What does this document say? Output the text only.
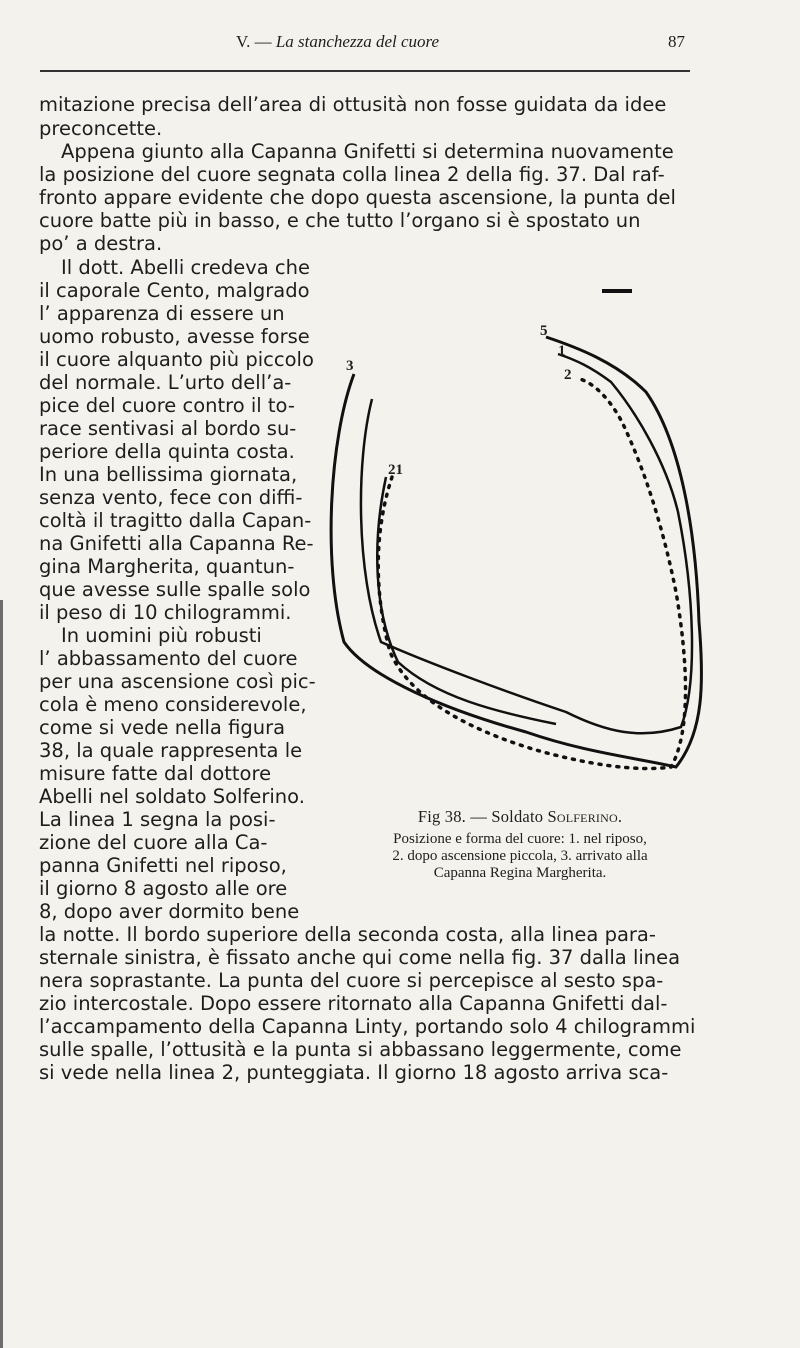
V. — La stanchezza del cuore	87
mitazione precisa dell’area di ottusità non fosse guidata da idee
preconcette.
Appena giunto alla Capanna Gnifetti si determina nuovamente
la posizione del cuore segnata colla linea 2 della fig. 37. Dal raf-
fronto appare evidente che dopo questa ascensione, la punta del
cuore batte più in basso, e che tutto l’organo si è spostato un
po’ a destra.
Il dott. Abelli credeva che
il caporale Cento, malgrado
l’ apparenza di essere un
uomo robusto, avesse forse
il cuore alquanto più piccolo
del normale. L’urto dell’a-
pice del cuore contro il to-
race sentivasi al bordo su-
periore della quinta costa.
In una bellissima giornata,
senza vento, fece con diffi-
coltà il tragitto dalla Capan-
na Gnifetti alla Capanna Re-
gina Margherita, quantun-
que avesse sulle spalle solo
il peso di 10 chilogrammi.
In uomini più robusti
l’ abbassamento del cuore
per una ascensione così pic-
cola è meno considerevole,
come si vede nella figura
38, la quale rappresenta le
misure fatte dal dottore
Abelli nel soldato Solferino.
La linea 1 segna la posi-
zione del cuore alla Ca-
panna Gnifetti nel riposo,
il giorno 8 agosto alle ore
8, dopo aver dormito bene
la notte. Il bordo superiore della seconda costa, alla linea para-
sternale sinistra, è fissato anche qui come nella fig. 37 dalla linea
nera soprastante. La punta del cuore si percepisce al sesto spa-
zio intercostale. Dopo essere ritornato alla Capanna Gnifetti dal-
l’accampamento della Capanna Linty, portando solo 4 chilogrammi
sulle spalle, l’ottusità e la punta si abbassano leggermente, come
si vede nella linea 2, punteggiata. Il giorno 18 agosto arriva sca-
3
5
1
2
21
Fig 38. — Soldato Solferino.
Posizione e forma del cuore: 1. nel riposo,
2. dopo ascensione piccola, 3. arrivato alla
Capanna Regina Margherita.
